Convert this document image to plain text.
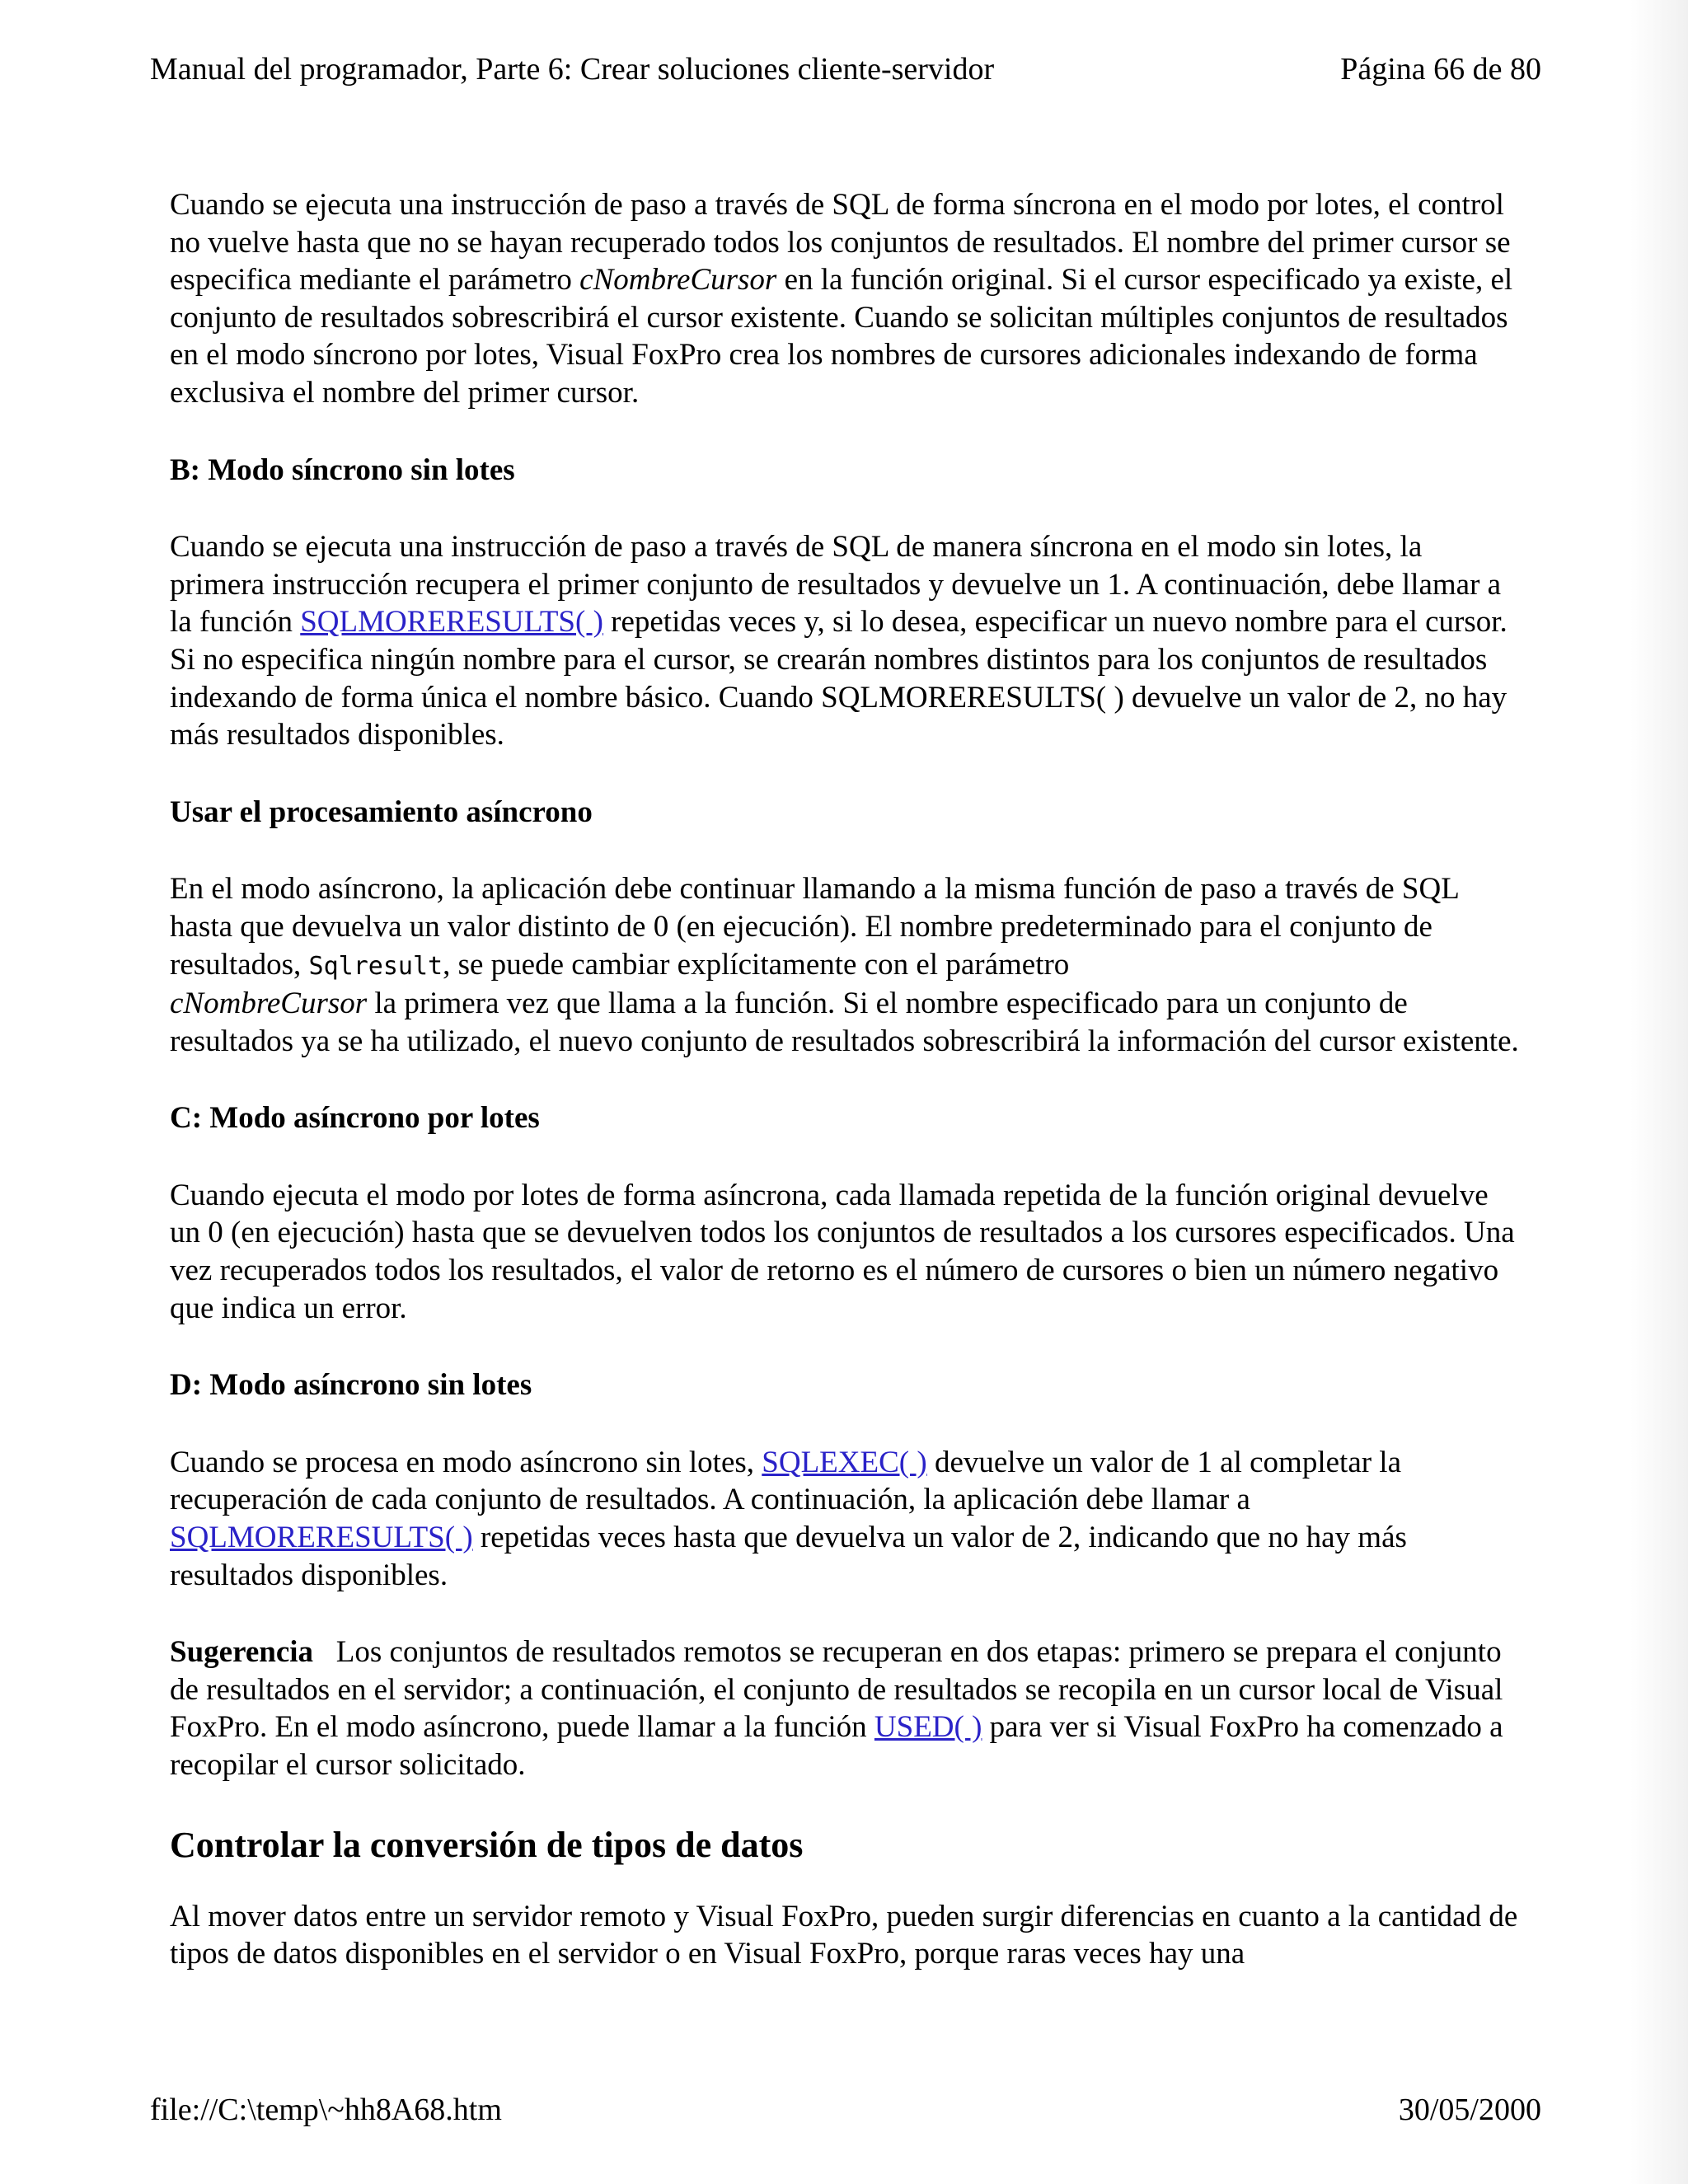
Manual del programador, Parte 6: Crear soluciones cliente-servidor	Página 66 de 80

Cuando se ejecuta una instrucción de paso a través de SQL de forma síncrona en el modo por lotes, el control no vuelve hasta que no se hayan recuperado todos los conjuntos de resultados. El nombre del primer cursor se especifica mediante el parámetro cNombreCursor en la función original. Si el cursor especificado ya existe, el conjunto de resultados sobrescribirá el cursor existente. Cuando se solicitan múltiples conjuntos de resultados en el modo síncrono por lotes, Visual FoxPro crea los nombres de cursores adicionales indexando de forma exclusiva el nombre del primer cursor.

B: Modo síncrono sin lotes

Cuando se ejecuta una instrucción de paso a través de SQL de manera síncrona en el modo sin lotes, la primera instrucción recupera el primer conjunto de resultados y devuelve un 1. A continuación, debe llamar a la función SQLMORERESULTS( ) repetidas veces y, si lo desea, especificar un nuevo nombre para el cursor. Si no especifica ningún nombre para el cursor, se crearán nombres distintos para los conjuntos de resultados indexando de forma única el nombre básico. Cuando SQLMORERESULTS( ) devuelve un valor de 2, no hay más resultados disponibles.

Usar el procesamiento asíncrono

En el modo asíncrono, la aplicación debe continuar llamando a la misma función de paso a través de SQL hasta que devuelva un valor distinto de 0 (en ejecución). El nombre predeterminado para el conjunto de resultados, Sqlresult, se puede cambiar explícitamente con el parámetro
cNombreCursor la primera vez que llama a la función. Si el nombre especificado para un conjunto de resultados ya se ha utilizado, el nuevo conjunto de resultados sobrescribirá la información del cursor existente.

C: Modo asíncrono por lotes

Cuando ejecuta el modo por lotes de forma asíncrona, cada llamada repetida de la función original devuelve un 0 (en ejecución) hasta que se devuelven todos los conjuntos de resultados a los cursores especificados. Una vez recuperados todos los resultados, el valor de retorno es el número de cursores o bien un número negativo que indica un error.

D: Modo asíncrono sin lotes

Cuando se procesa en modo asíncrono sin lotes, SQLEXEC( ) devuelve un valor de 1 al completar la recuperación de cada conjunto de resultados. A continuación, la aplicación debe llamar a
SQLMORERESULTS( ) repetidas veces hasta que devuelva un valor de 2, indicando que no hay más resultados disponibles.

Sugerencia   Los conjuntos de resultados remotos se recuperan en dos etapas: primero se prepara el conjunto de resultados en el servidor; a continuación, el conjunto de resultados se recopila en un cursor local de Visual FoxPro. En el modo asíncrono, puede llamar a la función USED( ) para ver si Visual FoxPro ha comenzado a recopilar el cursor solicitado.

Controlar la conversión de tipos de datos

Al mover datos entre un servidor remoto y Visual FoxPro, pueden surgir diferencias en cuanto a la cantidad de tipos de datos disponibles en el servidor o en Visual FoxPro, porque raras veces hay una

file://C:\temp\~hh8A68.htm	30/05/2000
